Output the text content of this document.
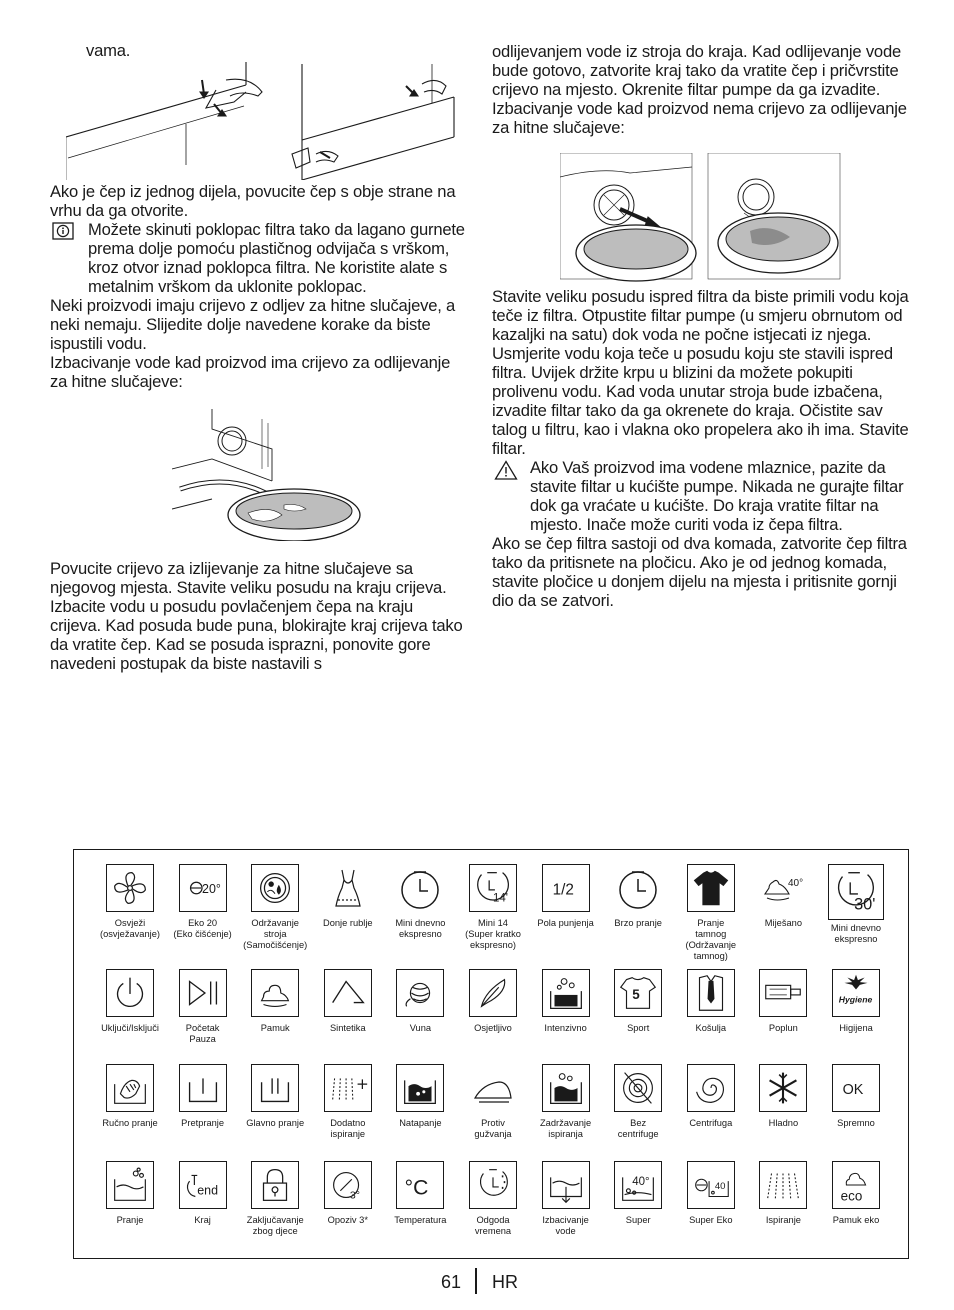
vama.

Ako je čep iz jednog dijela, povucite čep s obje strane na vrhu da ga otvorite.

Možete skinuti poklopac filtra tako da lagano gurnete prema dolje pomoću plastičnog odvijača s vrškom, kroz otvor iznad poklopca filtra. Ne koristite alate s metalnim vrškom da uklonite poklopac.

Neki proizvodi imaju crijevo z odljev za hitne slučajeve, a neki nemaju. Slijedite dolje navedene korake da biste ispustili vodu.

Izbacivanje vode kad proizvod ima crijevo za odlijevanje za hitne slučajeve:

Povucite crijevo za izlijevanje za hitne slučajeve sa njegovog mjesta. Stavite veliku posudu na kraju crijeva. Izbacite vodu u posudu povlačenjem čepa na kraju crijeva. Kad posuda bude puna, blokirajte kraj crijeva tako da vratite čep. Kad se posuda isprazni, ponovite gore navedeni postupak da biste nastavili s

odlijevanjem vode iz stroja do kraja. Kad odlijevanje vode bude gotovo, zatvorite kraj tako da vratite čep i pričvrstite crijevo na mjesto. Okrenite filtar pumpe da ga izvadite.

Izbacivanje vode kad proizvod nema crijevo za odlijevanje za hitne slučajeve:

Stavite veliku posudu ispred filtra da biste primili vodu koja teče iz filtra. Otpustite filtar pumpe (u smjeru obrnutom od kazaljki na satu) dok voda ne počne istjecati iz njega. Usmjerite vodu koja teče u posudu koju ste stavili ispred filtra. Uvijek držite krpu u blizini da možete pokupiti prolivenu vodu. Kad voda unutar stroja bude izbačena, izvadite filtar tako da ga okrenete do kraja. Očistite sav talog u filtru, kao i vlakna oko propelera ako ih ima. Stavite filtar.

Ako Vaš proizvod ima vodene mlaznice, pazite da stavite filtar u kućište pumpe. Nikada ne gurajte filtar dok ga vraćate u kućište. Do kraja vratite filtar na mjesto. Inače može curiti voda iz čepa filtra.

Ako se čep filtra sastoji od dva komada, zatvorite čep filtra tako da pritisnete na pločicu. Ako je od jednog komada, stavite pločice u donjem dijelu na mjesta i pritisnite gornji dio da se zatvori.

Osvježi
(osvježavanje)
20°
Eko 20
(Eko čišćenje)
Održavanje
stroja
(Samočišćenje)
Donje rublje	Mini dnevno
ekspresno
14'
Mini 14
(Super kratko
ekspresno)
1/2
Pola punjenja	Brzo pranje	Pranje
tamnog
(Održavanje
tamnog)
40°
Miješano
30'
Mini dnevno
ekspresno
Uključi/Isključi	Početak
Pauza
Pamuk	Sintetika	Vuna	Osjetljivo	Intenzivno
5
Sport	Košulja	Poplun
Hygiene
Higijena
Ručno pranje	Pretpranje	Glavno pranje	Dodatno
ispiranje
Natapanje	Protiv
gužvanja
Zadržavanje
ispiranja
Bez
centrifuge
Centrifuga	Hladno
OK
Spremno
Pranje
end
Kraj	Zaključavanje
zbog djece
3°
Opoziv 3*
°C
Temperatura	Odgoda
vremena
Izbacivanje
vode
40°
Super
40
Super Eko	Ispiranje
eco
Pamuk eko
61 HR
